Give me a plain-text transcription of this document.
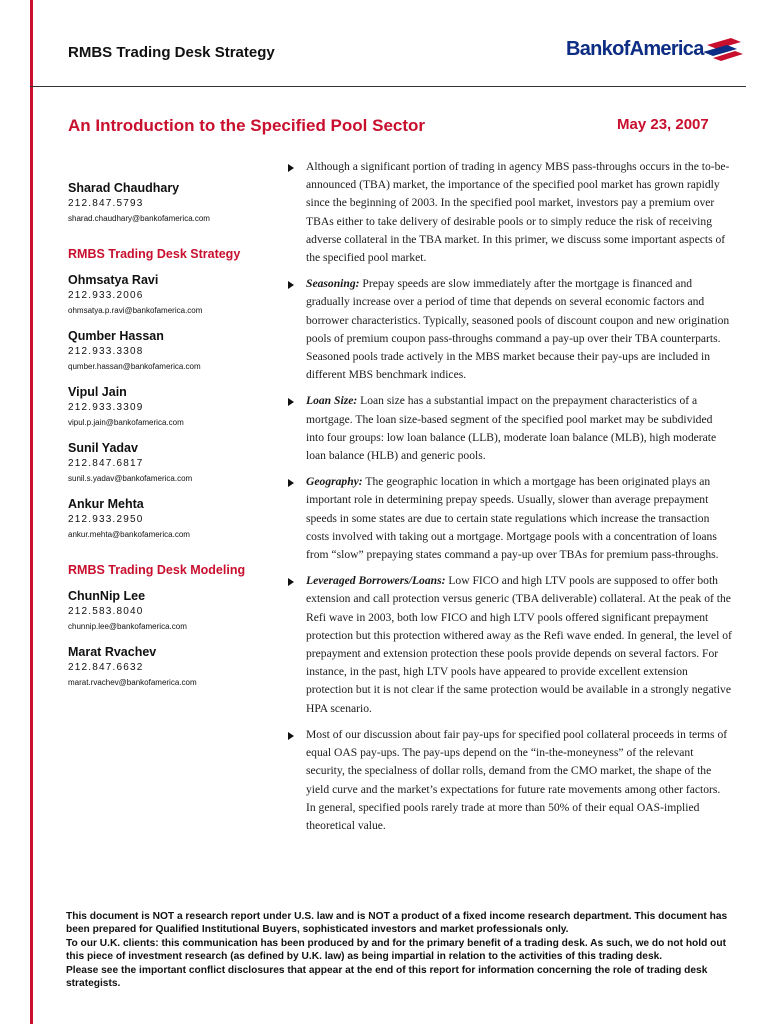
RMBS Trading Desk Strategy	BankofAmerica
An Introduction to the Specified Pool Sector	May 23, 2007
Sharad Chaudhary
212.847.5793
sharad.chaudhary@bankofamerica.com
RMBS Trading Desk Strategy
Ohmsatya Ravi
212.933.2006
ohmsatya.p.ravi@bankofamerica.com
Qumber Hassan
212.933.3308
qumber.hassan@bankofamerica.com
Vipul Jain
212.933.3309
vipul.p.jain@bankofamerica.com
Sunil Yadav
212.847.6817
sunil.s.yadav@bankofamerica.com
Ankur Mehta
212.933.2950
ankur.mehta@bankofamerica.com
RMBS Trading Desk Modeling
ChunNip Lee
212.583.8040
chunnip.lee@bankofamerica.com
Marat Rvachev
212.847.6632
marat.rvachev@bankofamerica.com

Although a significant portion of trading in agency MBS pass-throughs occurs in the to-be-announced (TBA) market, the importance of the specified pool market has grown rapidly since the beginning of 2003. In the specified pool market, investors pay a premium over TBAs either to take delivery of desirable pools or to simply reduce the risk of receiving adverse collateral in the TBA market. In this primer, we discuss some important aspects of the specified pool market.

Seasoning: Prepay speeds are slow immediately after the mortgage is financed and gradually increase over a period of time that depends on several economic factors and borrower characteristics. Typically, seasoned pools of discount coupon and new origination pools of premium coupon pass-throughs command a pay-up over their TBA counterparts. Seasoned pools trade actively in the MBS market because their pay-ups are included in different MBS benchmark indices.

Loan Size: Loan size has a substantial impact on the prepayment characteristics of a mortgage. The loan size-based segment of the specified pool market may be subdivided into four groups: low loan balance (LLB), moderate loan balance (MLB), high moderate loan balance (HLB) and generic pools.

Geography: The geographic location in which a mortgage has been originated plays an important role in determining prepay speeds. Usually, slower than average prepayment speeds in some states are due to certain state regulations which increase the transaction costs involved with taking out a mortgage. Mortgage pools with a concentration of loans from “slow” prepaying states command a pay-up over TBAs for premium pass-throughs.

Leveraged Borrowers/Loans: Low FICO and high LTV pools are supposed to offer both extension and call protection versus generic (TBA deliverable) collateral. At the peak of the Refi wave in 2003, both low FICO and high LTV pools offered significant prepayment protection but this protection withered away as the Refi wave ended. In general, the level of prepayment and extension protection these pools provide depends on several factors. For instance, in the past, high LTV pools have appeared to provide excellent extension protection but it is not clear if the same protection would be available in a strongly negative HPA scenario.

Most of our discussion about fair pay-ups for specified pool collateral proceeds in terms of equal OAS pay-ups. The pay-ups depend on the “in-the-moneyness” of the relevant security, the specialness of dollar rolls, demand from the CMO market, the shape of the yield curve and the market’s expectations for future rate movements among other factors. In general, specified pools rarely trade at more than 50% of their equal OAS-implied theoretical value.

This document is NOT a research report under U.S. law and is NOT a product of a fixed income research department. This document has been prepared for Qualified Institutional Buyers, sophisticated investors and market professionals only.

To our U.K. clients: this communication has been produced by and for the primary benefit of a trading desk. As such, we do not hold out this piece of investment research (as defined by U.K. law) as being impartial in relation to the activities of this trading desk.

Please see the important conflict disclosures that appear at the end of this report for information concerning the role of trading desk strategists.
